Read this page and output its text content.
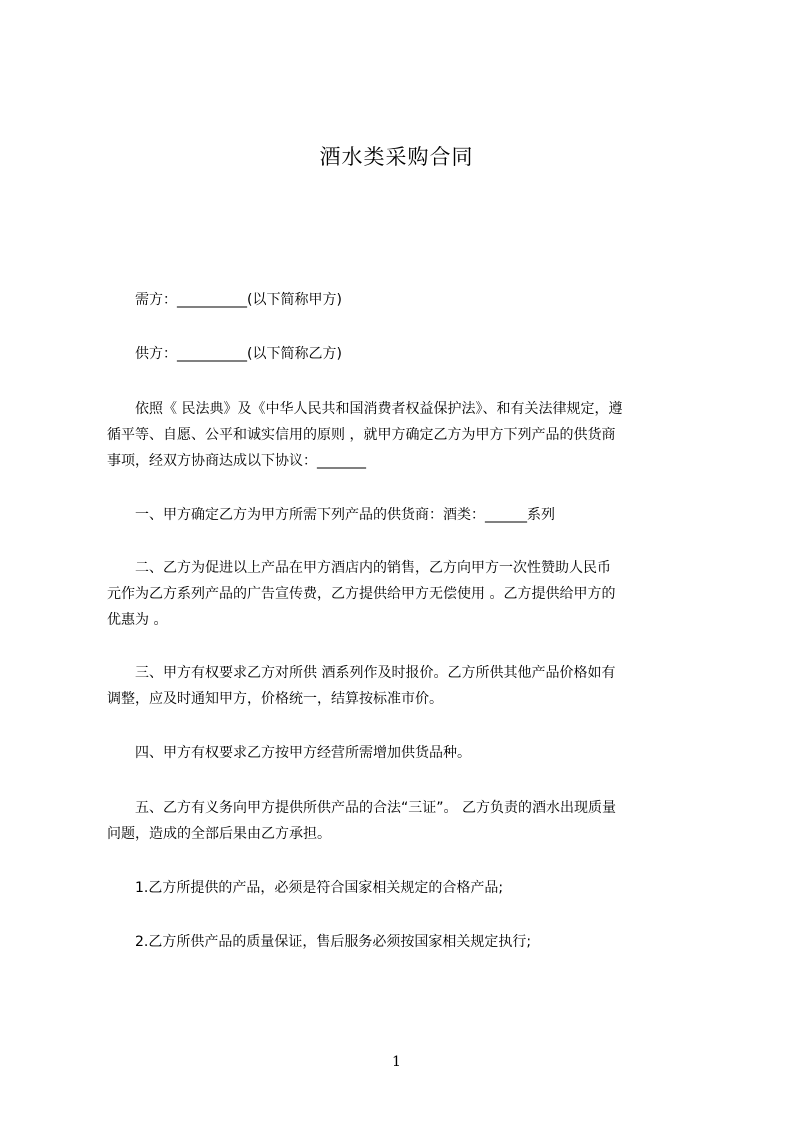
酒水类采购合同
　　需方：__________(以下简称甲方)
　　供方：__________(以下简称乙方)
　　依照《 民法典》及《中华人民共和国消费者权益保护法》、和有关法律规定，遵
循平等、自愿、公平和诚实信用的原则 ，就甲方确定乙方为甲方下列产品的供货商
事项，经双方协商达成以下协议：_______
　　一、甲方确定乙方为甲方所需下列产品的供货商：酒类：______系列
　　二、乙方为促进以上产品在甲方酒店内的销售，乙方向甲方一次性赞助人民币
元作为乙方系列产品的广告宣传费，乙方提供给甲方无偿使用 。乙方提供给甲方的
优惠为 。
　　三、甲方有权要求乙方对所供 酒系列作及时报价。乙方所供其他产品价格如有
调整，应及时通知甲方，价格统一，结算按标准市价。
　　四、甲方有权要求乙方按甲方经营所需增加供货品种。
　　五、乙方有义务向甲方提供所供产品的合法“三证”。 乙方负责的酒水出现质量
问题，造成的全部后果由乙方承担。
　　1.乙方所提供的产品，必须是符合国家相关规定的合格产品;
　　2.乙方所供产品的质量保证，售后服务必须按国家相关规定执行;
1
